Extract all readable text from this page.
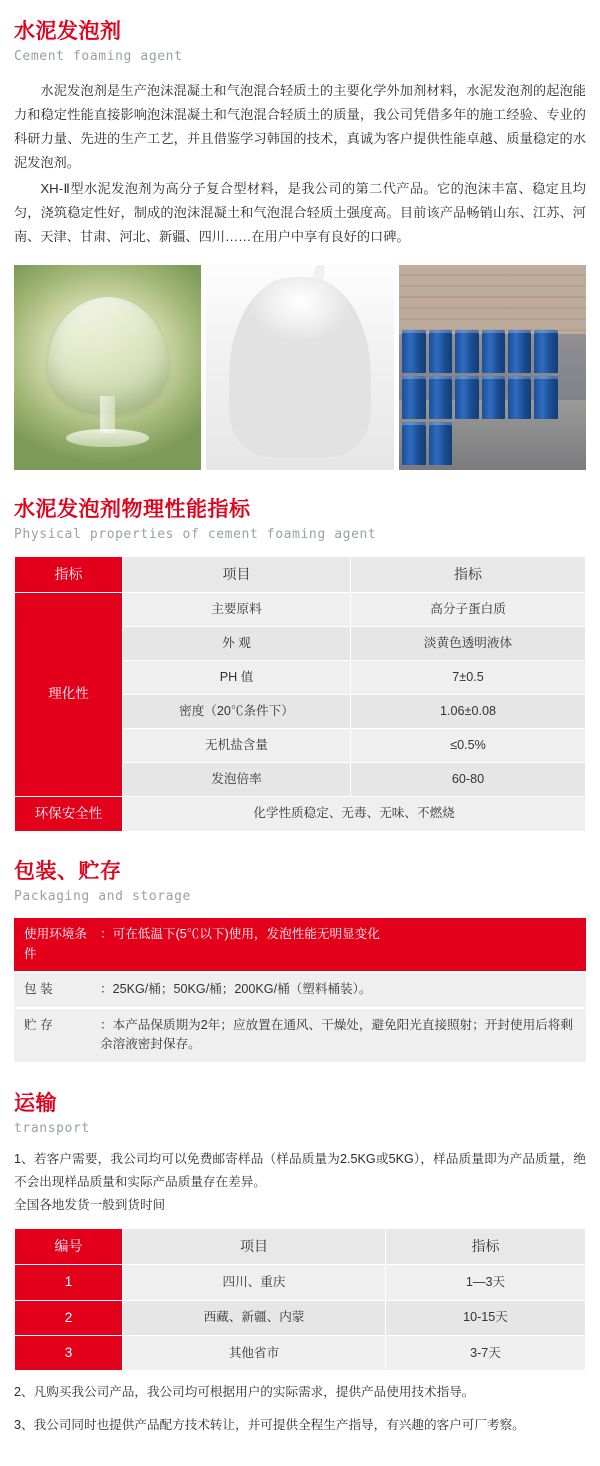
水泥发泡剂
Cement foaming agent

水泥发泡剂是生产泡沫混凝土和气泡混合轻质土的主要化学外加剂材料，水泥发泡剂的起泡能力和稳定性能直接影响泡沫混凝土和气泡混合轻质土的质量，我公司凭借多年的施工经验、专业的科研力量、先进的生产工艺，并且借鉴学习韩国的技术，真诚为客户提供性能卓越、质量稳定的水泥发泡剂。

XH-Ⅱ型水泥发泡剂为高分子复合型材料，是我公司的第二代产品。它的泡沫丰富、稳定且均匀，浇筑稳定性好，制成的泡沫混凝土和气泡混合轻质土强度高。目前该产品畅销山东、江苏、河南、天津、甘肃、河北、新疆、四川……在用户中享有良好的口碑。

水泥发泡剂物理性能指标
Physical properties of cement foaming agent
指标	项目	指标
理化性	主要原料	高分子蛋白质
	外 观	淡黄色透明液体
	PH 值	7±0.5
	密度（20℃条件下）	1.06±0.08
	无机盐含量	≤0.5%
	发泡倍率	60-80
环保安全性	化学性质稳定、无毒、无味、不燃烧	
包装、贮存
Packaging and storage
使用环境条件
：可在低温下(5℃以下)使用，发泡性能无明显变化
包 装	：25KG/桶；50KG/桶；200KG/桶（塑料桶装）。
贮 存	：本产品保质期为2年；应放置在通风、干燥处，避免阳光直接照射；开封使用后将剩余溶液密封保存。
运输
transport

1、若客户需要，我公司均可以免费邮寄样品（样品质量为2.5KG或5KG），样品质量即为产品质量，绝不会出现样品质量和实际产品质量存在差异。

全国各地发货一般到货时间

编号	项目	指标
1	四川、重庆	1—3天
2	西藏、新疆、内蒙	10-15天
3	其他省市	3-7天

2、凡购买我公司产品，我公司均可根据用户的实际需求，提供产品使用技术指导。

3、我公司同时也提供产品配方技术转让，并可提供全程生产指导，有兴趣的客户可厂考察。
